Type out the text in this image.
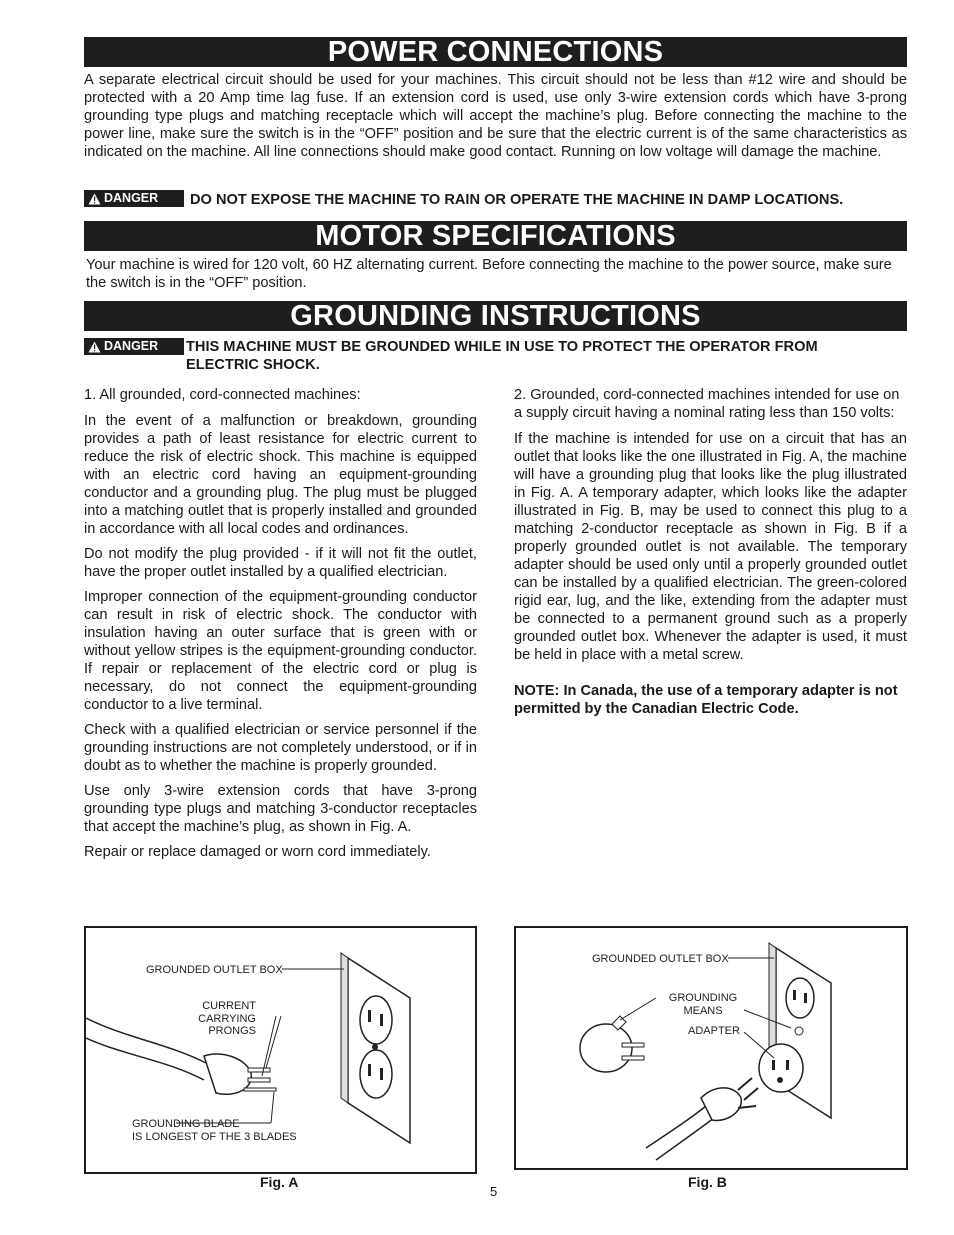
POWER CONNECTIONS

A separate electrical circuit should be used for your machines. This circuit should not be less than #12 wire and should be protected with a 20 Amp time lag fuse. If an extension cord is used, use only 3-wire extension cords which have 3-prong grounding type plugs and matching receptacle which will accept the machine’s plug. Before connecting the machine to the power line, make sure the switch is in the “OFF” position and be sure that the electric current is of the same characteristics as indicated on the machine. All line connections should make good contact. Running on low voltage will damage the machine.

DANGER DO NOT EXPOSE THE MACHINE TO RAIN OR OPERATE THE MACHINE IN DAMP LOCATIONS.

MOTOR SPECIFICATIONS

Your machine is wired for 120 volt, 60 HZ alternating current. Before connecting the machine to the power source, make sure the switch is in the “OFF” position.

GROUNDING INSTRUCTIONS
DANGER THIS MACHINE MUST BE GROUNDED WHILE IN USE TO PROTECT THE OPERATOR FROM ELECTRIC SHOCK.

1. All grounded, cord-connected machines:

In the event of a malfunction or breakdown, grounding provides a path of least resistance for electric current to reduce the risk of electric shock. This machine is equipped with an electric cord having an equipment-grounding conductor and a grounding plug. The plug must be plugged into a matching outlet that is properly installed and grounded in accordance with all local codes and ordinances.

Do not modify the plug provided - if it will not fit the outlet, have the proper outlet installed by a qualified electrician.

Improper connection of the equipment-grounding conductor can result in risk of electric shock. The conductor with insulation having an outer surface that is green with or without yellow stripes is the equipment-grounding conductor. If repair or replacement of the electric cord or plug is necessary, do not connect the equipment-grounding conductor to a live terminal.

Check with a qualified electrician or service personnel if the grounding instructions are not completely understood, or if in doubt as to whether the machine is properly grounded.

Use only 3-wire extension cords that have 3-prong grounding type plugs and matching 3-conductor receptacles that accept the machine’s plug, as shown in Fig. A.

Repair or replace damaged or worn cord immediately.

2. Grounded, cord-connected machines intended for use on a supply circuit having a nominal rating less than 150 volts:

If the machine is intended for use on a circuit that has an outlet that looks like the one illustrated in Fig. A, the machine will have a grounding plug that looks like the plug illustrated in Fig. A. A temporary adapter, which looks like the adapter illustrated in Fig. B, may be used to connect this plug to a matching 2-conductor receptacle as shown in Fig. B if a properly grounded outlet is not available. The temporary adapter should be used only until a properly grounded outlet can be installed by a qualified electrician. The green-colored rigid ear, lug, and the like, extending from the adapter must be connected to a permanent ground such as a properly grounded outlet box. Whenever the adapter is used, it must be held in place with a metal screw.

NOTE: In Canada, the use of a temporary adapter is not permitted by the Canadian Electric Code.

GROUNDED OUTLET BOX
CURRENT
CARRYING
PRONGS
GROUNDING BLADE
IS LONGEST OF THE 3 BLADES
Fig. A
GROUNDED OUTLET BOX
GROUNDING
MEANS
ADAPTER
Fig. B
5
